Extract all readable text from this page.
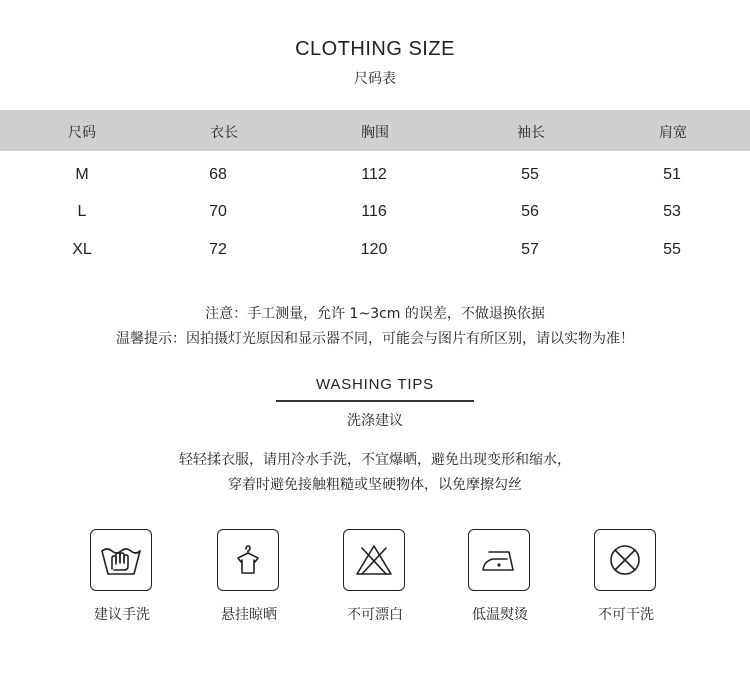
CLOTHING SIZE
尺码表
尺码	衣长	胸围	袖长	肩宽
M	68	112	55	51
L	70	116	56	53
XL	72	120	57	55
注意：手工测量，允许 1~3cm 的误差，不做退换依据
温馨提示：因拍摄灯光原因和显示器不同，可能会与图片有所区别，请以实物为准！
WASHING TIPS
洗涤建议
轻轻揉衣服，请用冷水手洗，不宜爆晒，避免出现变形和缩水，
穿着时避免接触粗糙或坚硬物体，以免摩擦勾丝
建议手洗	悬挂晾晒	不可漂白	低温熨烫	不可干洗
